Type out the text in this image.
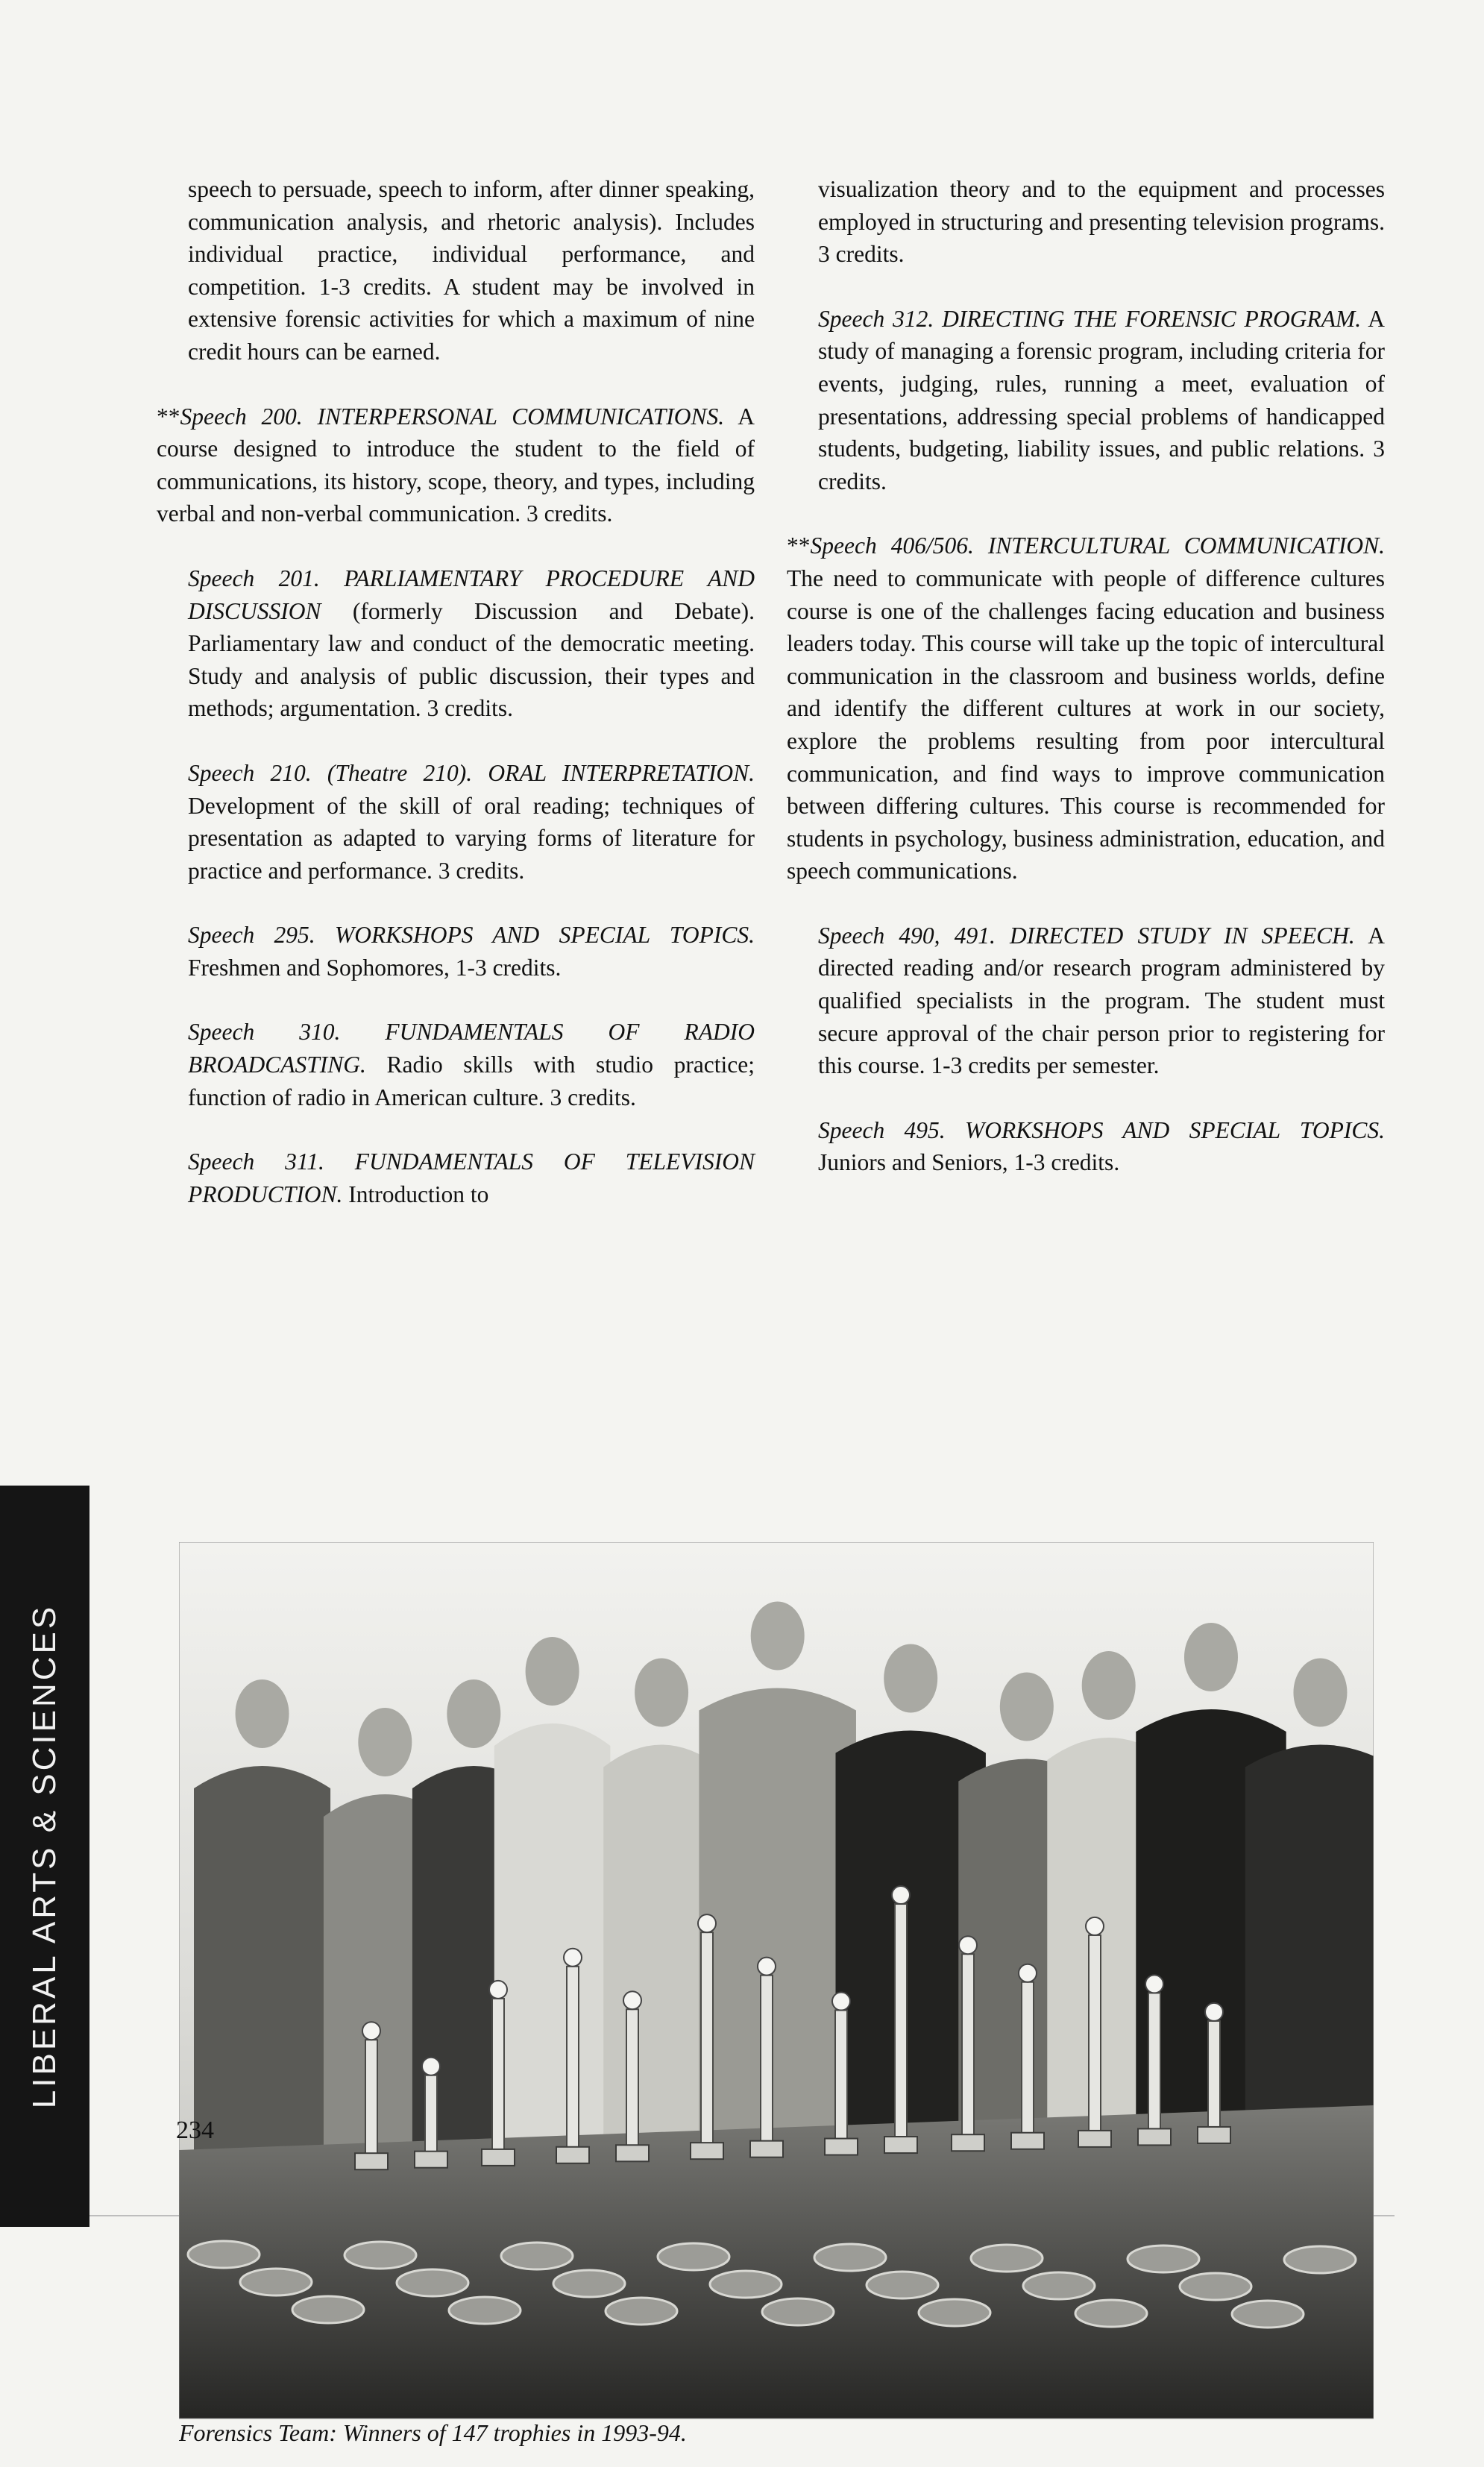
speech to persuade, speech to inform, after dinner speaking, communication analysis, and rhetoric analysis). Includes individual practice, individual performance, and competition. 1-3 credits. A student may be involved in extensive forensic activities for which a maximum of nine credit hours can be earned.

**Speech 200. INTERPERSONAL COMMUNICATIONS. A course designed to introduce the student to the field of communications, its history, scope, theory, and types, including verbal and non-verbal communication. 3 credits.

Speech 201. PARLIAMENTARY PROCEDURE AND DISCUSSION (formerly Discussion and Debate). Parliamentary law and conduct of the democratic meeting. Study and analysis of public discussion, their types and methods; argumentation. 3 credits.

Speech 210. (Theatre 210). ORAL INTERPRETATION. Development of the skill of oral reading; techniques of presentation as adapted to varying forms of literature for practice and performance. 3 credits.

Speech 295. WORKSHOPS AND SPECIAL TOPICS. Freshmen and Sophomores, 1-3 credits.

Speech 310. FUNDAMENTALS OF RADIO BROADCASTING. Radio skills with studio practice; function of radio in American culture. 3 credits.

Speech 311. FUNDAMENTALS OF TELEVISION PRODUCTION. Introduction to

visualization theory and to the equipment and processes employed in structuring and presenting television programs. 3 credits.

Speech 312. DIRECTING THE FORENSIC PROGRAM. A study of managing a forensic program, including criteria for events, judging, rules, running a meet, evaluation of presentations, addressing special problems of handicapped students, budgeting, liability issues, and public relations. 3 credits.

**Speech 406/506. INTERCULTURAL COMMUNICATION. The need to communicate with people of difference cultures course is one of the challenges facing education and business leaders today. This course will take up the topic of intercultural communication in the classroom and business worlds, define and identify the different cultures at work in our society, explore the problems resulting from poor intercultural communication, and find ways to improve communication between differing cultures. This course is recommended for students in psychology, business administration, education, and speech communications.

Speech 490, 491. DIRECTED STUDY IN SPEECH. A directed reading and/or research program administered by qualified specialists in the program. The student must secure approval of the chair person prior to registering for this course. 1-3 credits per semester.

Speech 495. WORKSHOPS AND SPECIAL TOPICS. Juniors and Seniors, 1-3 credits.

Forensics Team: Winners of 147 trophies in 1993-94.
234
LIBERAL ARTS & SCIENCES
